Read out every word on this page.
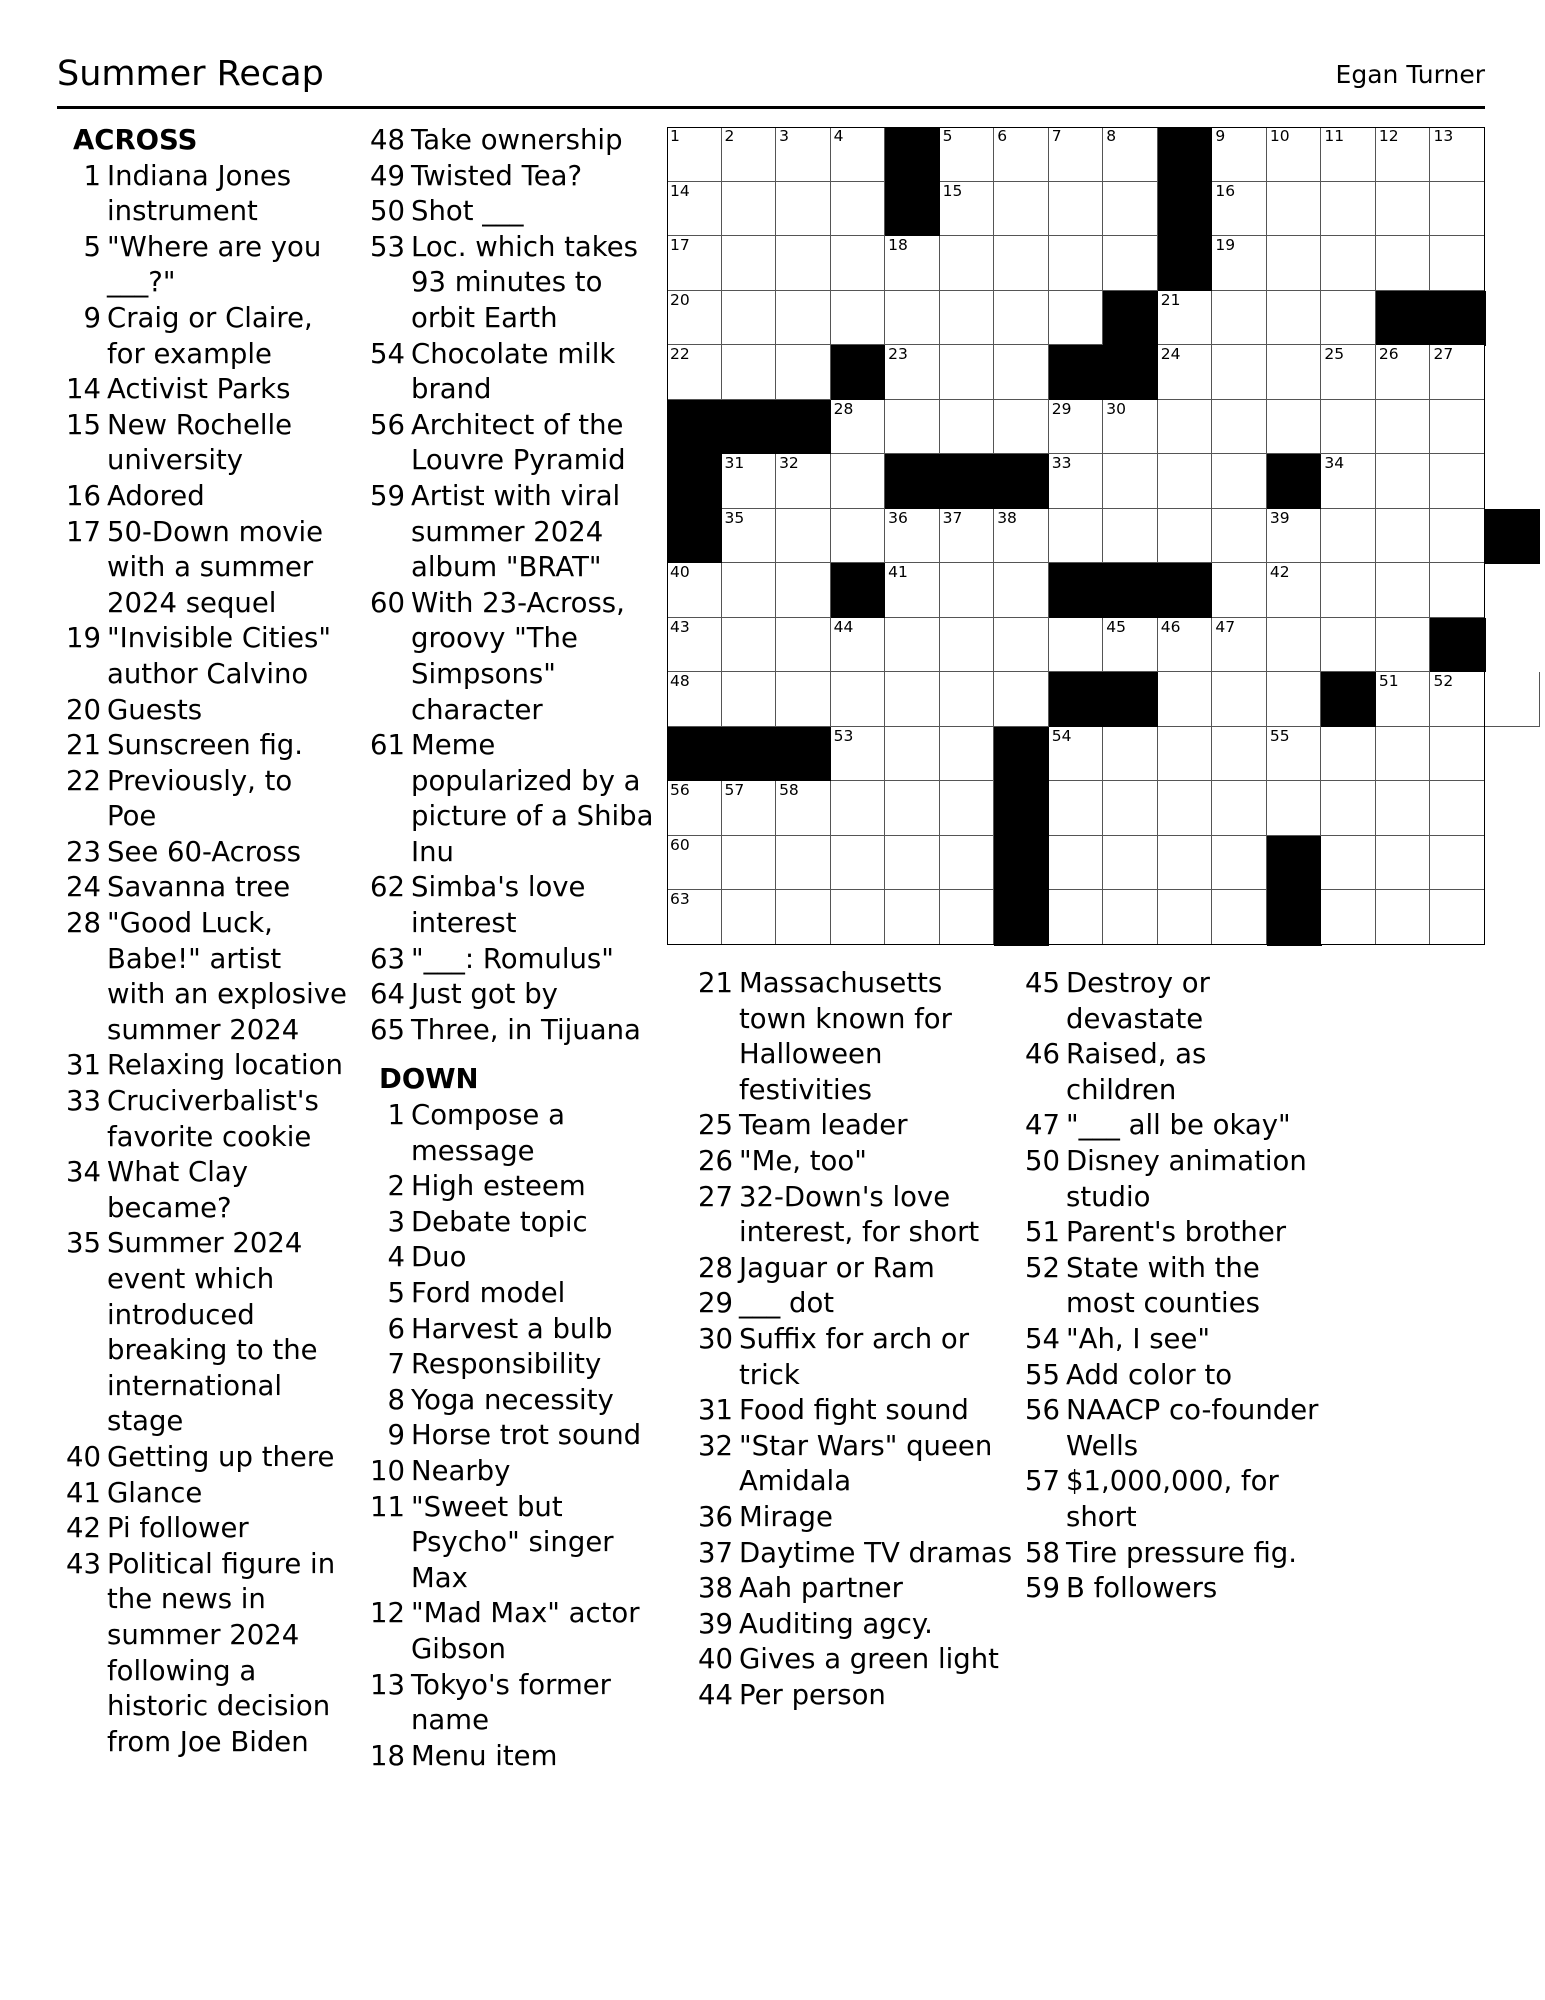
Summer Recap	Egan Turner
ACROSS
1 Indiana Jones instrument
5 "Where are you ___?"
9 Craig or Claire, for example
14 Activist Parks
15 New Rochelle university
16 Adored
17 50-Down movie with a summer 2024 sequel
19 "Invisible Cities" author Calvino
20 Guests
21 Sunscreen fig.
22 Previously, to Poe
23 See 60-Across
24 Savanna tree
28 "Good Luck, Babe!" artist with an explosive summer 2024
31 Relaxing location
33 Cruciverbalist's favorite cookie
34 What Clay became?
35 Summer 2024 event which introduced breaking to the international stage
40 Getting up there
41 Glance
42 Pi follower
43 Political figure in the news in summer 2024 following a historic decision from Joe Biden
48 Take ownership
49 Twisted Tea?
50 Shot ___
53 Loc. which takes 93 minutes to orbit Earth
54 Chocolate milk brand
56 Architect of the Louvre Pyramid
59 Artist with viral summer 2024 album "BRAT"
60 With 23-Across, groovy "The Simpsons" character
61 Meme popularized by a picture of a Shiba Inu
62 Simba's love interest
63 "___: Romulus"
64 Just got by
65 Three, in Tijuana
DOWN
1 Compose a message
2 High esteem
3 Debate topic
4 Duo
5 Ford model
6 Harvest a bulb
7 Responsibility
8 Yoga necessity
9 Horse trot sound
10 Nearby
11 "Sweet but Psycho" singer Max
12 "Mad Max" actor Gibson
13 Tokyo's former name
18 Menu item
21 Massachusetts town known for Halloween festivities
25 Team leader
26 "Me, too"
27 32-Down's love interest, for short
28 Jaguar or Ram
29 ___ dot
30 Suffix for arch or trick
31 Food fight sound
32 "Star Wars" queen Amidala
36 Mirage
37 Daytime TV dramas
38 Aah partner
39 Auditing agcy.
40 Gives a green light
44 Per person
45 Destroy or devastate
46 Raised, as children
47 "___ all be okay"
50 Disney animation studio
51 Parent's brother
52 State with the most counties
54 "Ah, I see"
55 Add color to
56 NAACP co-founder Wells
57 $1,000,000, for short
58 Tire pressure fig.
59 B followers
1	2	3	4	5	6	7	8	9	10 11 12 13
14	15	16
17	18	19
20	21
22	23	24	25 26 27
28	29 30
31 32	33	34
35	36 37 38	39
40	41	42
43	44	45 46 47
48	49	50 51 52
53	54	55
56 57 58	59
60	61	62
63	64	65
